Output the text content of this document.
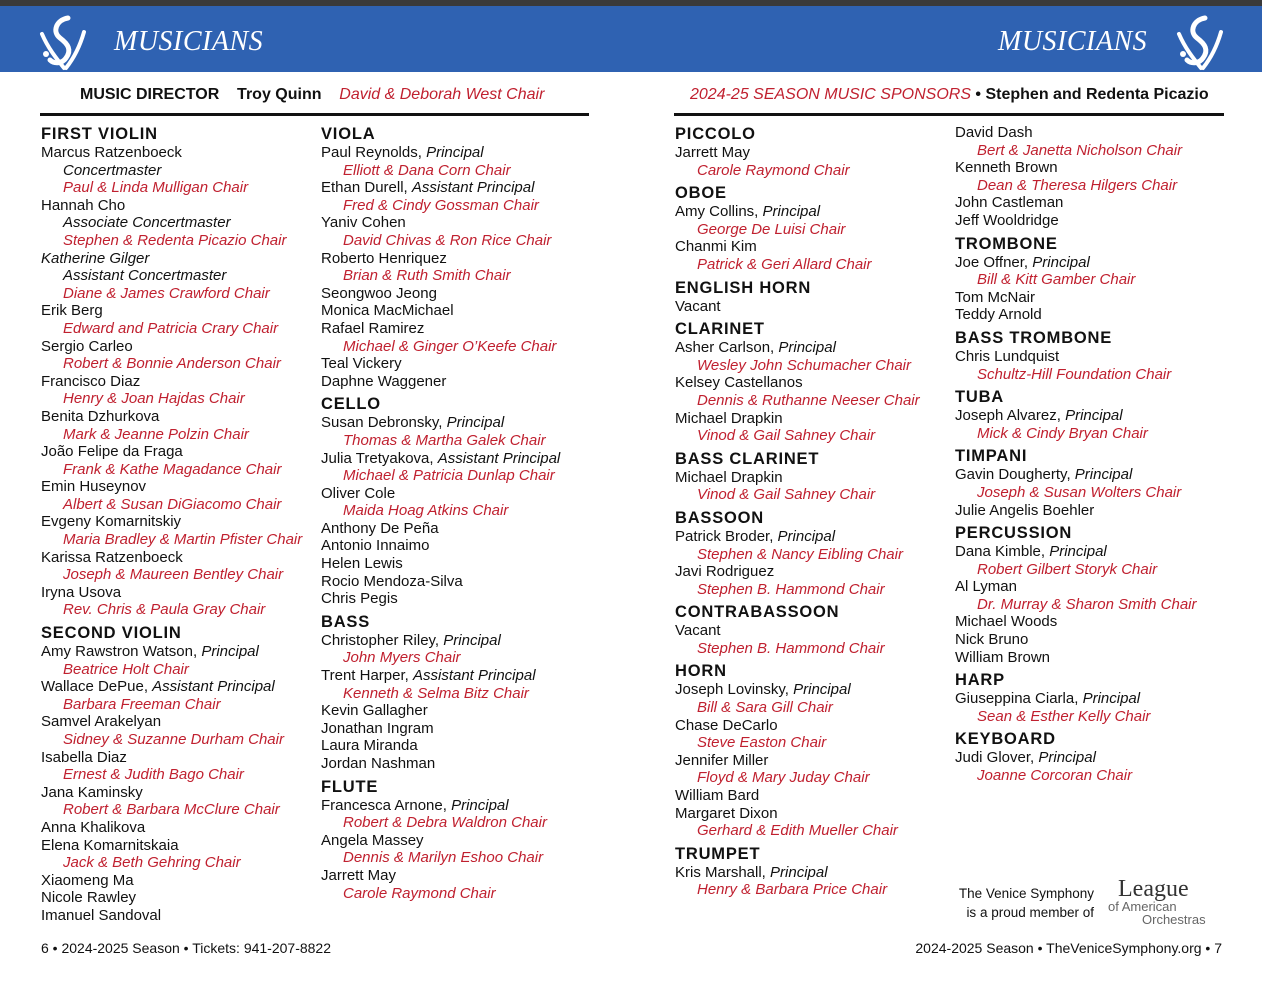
MUSICIANS	MUSICIANS
MUSIC DIRECTOR Troy Quinn David & Deborah West Chair	2024-25 SEASON MUSIC SPONSORS • Stephen and Redenta Picazio
FIRST VIOLIN
Marcus Ratzenboeck
Concertmaster
Paul & Linda Mulligan Chair
Hannah Cho
Associate Concertmaster
Stephen & Redenta Picazio Chair
Katherine Gilger
Assistant Concertmaster
Diane & James Crawford Chair
Erik Berg
Edward and Patricia Crary Chair
Sergio Carleo
Robert & Bonnie Anderson Chair
Francisco Diaz
Henry & Joan Hajdas Chair
Benita Dzhurkova
Mark & Jeanne Polzin Chair
João Felipe da Fraga
Frank & Kathe Magadance Chair
Emin Huseynov
Albert & Susan DiGiacomo Chair
Evgeny Komarnitskiy
Maria Bradley & Martin Pfister Chair
Karissa Ratzenboeck
Joseph & Maureen Bentley Chair
Iryna Usova
Rev. Chris & Paula Gray Chair
SECOND VIOLIN
Amy Rawstron Watson, Principal
Beatrice Holt Chair
Wallace DePue, Assistant Principal
Barbara Freeman Chair
Samvel Arakelyan
Sidney & Suzanne Durham Chair
Isabella Diaz
Ernest & Judith Bago Chair
Jana Kaminsky
Robert & Barbara McClure Chair
Anna Khalikova
Elena Komarnitskaia
Jack & Beth Gehring Chair
Xiaomeng Ma
Nicole Rawley
Imanuel Sandoval
VIOLA
Paul Reynolds, Principal
Elliott & Dana Corn Chair
Ethan Durell, Assistant Principal
Fred & Cindy Gossman Chair
Yaniv Cohen
David Chivas & Ron Rice Chair
Roberto Henriquez
Brian & Ruth Smith Chair
Seongwoo Jeong
Monica MacMichael
Rafael Ramirez
Michael & Ginger O’Keefe Chair
Teal Vickery
Daphne Waggener
CELLO
Susan Debronsky, Principal
Thomas & Martha Galek Chair
Julia Tretyakova, Assistant Principal
Michael & Patricia Dunlap Chair
Oliver Cole
Maida Hoag Atkins Chair
Anthony De Peña
Antonio Innaimo
Helen Lewis
Rocio Mendoza-Silva
Chris Pegis
BASS
Christopher Riley, Principal
John Myers Chair
Trent Harper, Assistant Principal
Kenneth & Selma Bitz Chair
Kevin Gallagher
Jonathan Ingram
Laura Miranda
Jordan Nashman
FLUTE
Francesca Arnone, Principal
Robert & Debra Waldron Chair
Angela Massey
Dennis & Marilyn Eshoo Chair
Jarrett May
Carole Raymond Chair
PICCOLO
Jarrett May
Carole Raymond Chair
OBOE
Amy Collins, Principal
George De Luisi Chair
Chanmi Kim
Patrick & Geri Allard Chair
ENGLISH HORN
Vacant
CLARINET
Asher Carlson, Principal
Wesley John Schumacher Chair
Kelsey Castellanos
Dennis & Ruthanne Neeser Chair
Michael Drapkin
Vinod & Gail Sahney Chair
BASS CLARINET
Michael Drapkin
Vinod & Gail Sahney Chair
BASSOON
Patrick Broder, Principal
Stephen & Nancy Eibling Chair
Javi Rodriguez
Stephen B. Hammond Chair
CONTRABASSOON
Vacant
Stephen B. Hammond Chair
HORN
Joseph Lovinsky, Principal
Bill & Sara Gill Chair
Chase DeCarlo
Steve Easton Chair
Jennifer Miller
Floyd & Mary Juday Chair
William Bard
Margaret Dixon
Gerhard & Edith Mueller Chair
TRUMPET
Kris Marshall, Principal
Henry & Barbara Price Chair
David Dash
Bert & Janetta Nicholson Chair
Kenneth Brown
Dean & Theresa Hilgers Chair
John Castleman
Jeff Wooldridge
TROMBONE
Joe Offner, Principal
Bill & Kitt Gamber Chair
Tom McNair
Teddy Arnold
BASS TROMBONE
Chris Lundquist
Schultz-Hill Foundation Chair
TUBA
Joseph Alvarez, Principal
Mick & Cindy Bryan Chair
TIMPANI
Gavin Dougherty, Principal
Joseph & Susan Wolters Chair
Julie Angelis Boehler
PERCUSSION
Dana Kimble, Principal
Robert Gilbert Storyk Chair
Al Lyman
Dr. Murray & Sharon Smith Chair
Michael Woods
Nick Bruno
William Brown
HARP
Giuseppina Ciarla, Principal
Sean & Esther Kelly Chair
KEYBOARD
Judi Glover, Principal
Joanne Corcoran Chair
The Venice Symphony
is a proud member of
League
of American
Orchestras
6 • 2024-2025 Season • Tickets: 941-207-8822	2024-2025 Season • TheVeniceSymphony.org • 7
